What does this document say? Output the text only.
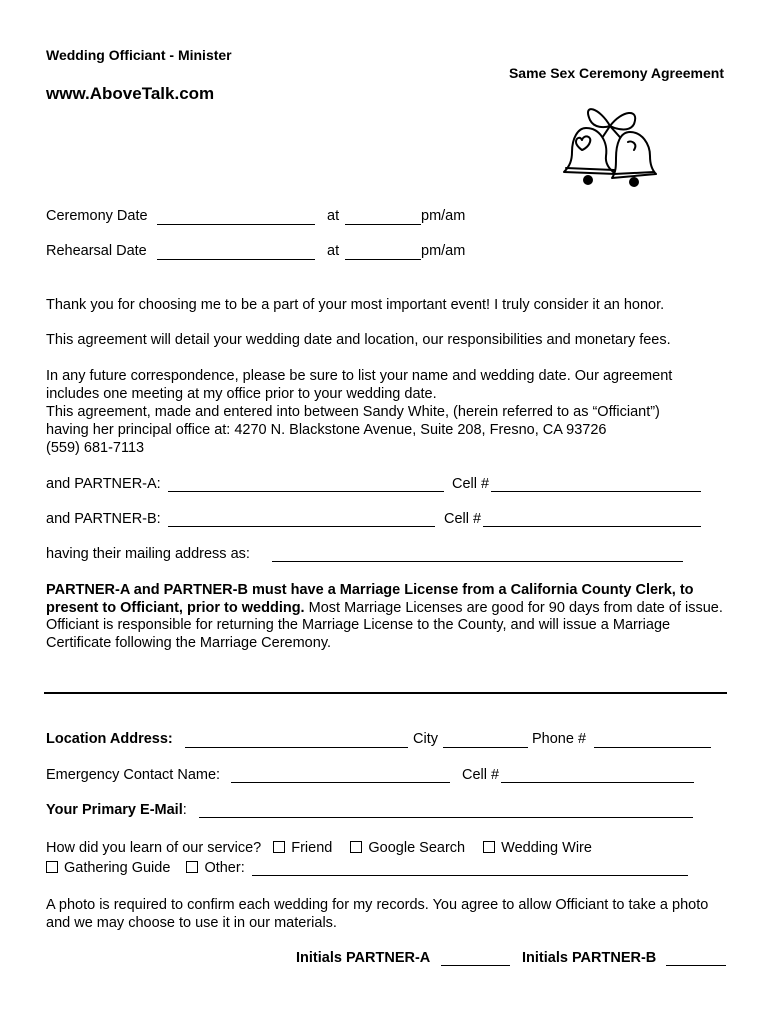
Wedding Officiant - Minister
www.AboveTalk.com
Same Sex Ceremony Agreement
Ceremony Date	at	pm/am
Rehearsal Date	at	pm/am
Thank you for choosing me to be a part of your most important event! I truly consider it an honor.
This agreement will detail your wedding date and location, our responsibilities and monetary fees.
In any future correspondence, please be sure to list your name and wedding date. Our agreement
includes one meeting at my office prior to your wedding date.
This agreement, made and entered into between Sandy White, (herein referred to as “Officiant”)
having her principal office at: 4270 N. Blackstone Avenue, Suite 208, Fresno, CA 93726
(559) 681-7113
and PARTNER-A:	Cell #
and PARTNER-B:	Cell #
having their mailing address as:
PARTNER-A and PARTNER-B must have a Marriage License from a California County Clerk, to present to Officiant, prior to wedding. Most Marriage Licenses are good for 90 days from date of issue. Officiant is responsible for returning the Marriage License to the County, and will issue a Marriage Certificate following the Marriage Ceremony.
Location Address:	City	Phone #
Emergency Contact Name:	Cell #
Your Primary E-Mail:
How did you learn of our service? Friend Google Search Wedding Wire
Gathering Guide Other:
A photo is required to confirm each wedding for my records. You agree to allow Officiant to take a photo and we may choose to use it in our materials.
Initials PARTNER-A	Initials PARTNER-B
